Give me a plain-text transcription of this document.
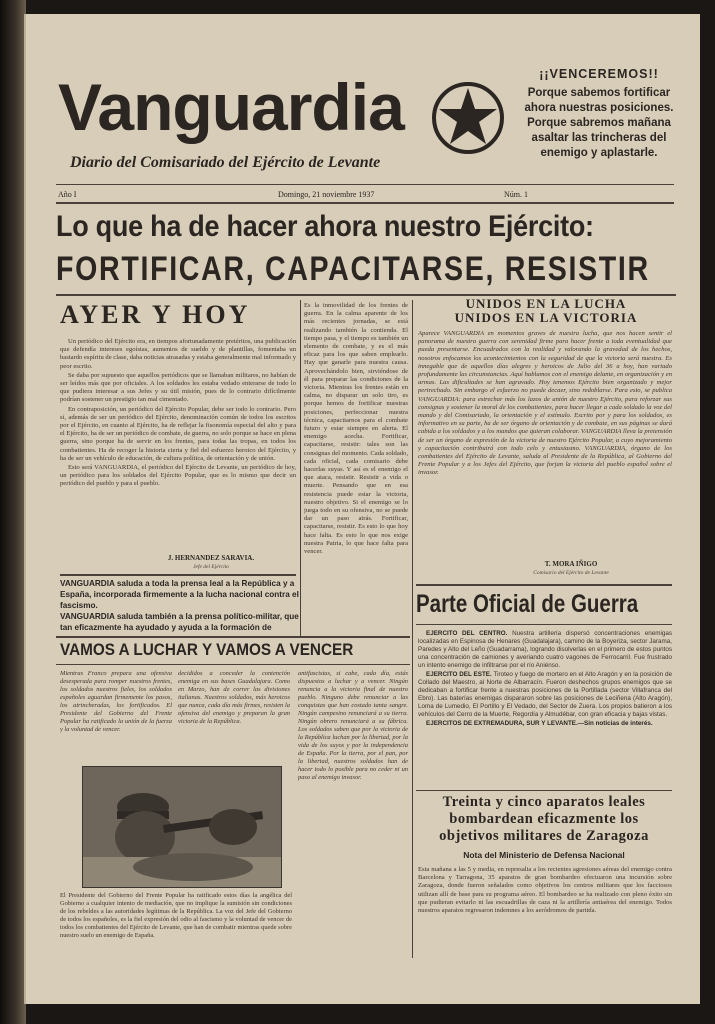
Vanguardia
Diario del Comisariado del Ejército de Levante
¡¡VENCEREMOS!!
Porque sabemos fortificar ahora nuestras posiciones.
Porque sabremos mañana asaltar las trincheras del enemigo y aplastarle.
Año I	Domingo, 21 noviembre 1937	Núm. 1
Lo que ha de hacer ahora nuestro Ejército:
FORTIFICAR, CAPACITARSE, RESISTIR
AYER Y HOY

Un periódico del Ejército era, en tiempos afortunadamente pretéritos, una publicación que defendía intereses egoístas, aumentos de sueldo y de plantillas, fomentaba un bastardo espíritu de clase, daba noticias atrasadas y estaba generalmente mal informado y peor escrito.

Se daba por supuesto que aquellos periódicos que se llamaban militares, no habían de ser leídos más que por oficiales. A los soldados les estaba vedado enterarse de todo lo que pudiera interesar a sus Jefes y su útil misión, pues de lo contrario difícilmente podrían sostener un prestigio tan mal cimentado.

En contraposición, un periódico del Ejército Popular, debe ser todo lo contrario. Pero sí, además de ser un periódico del Ejército, denominación común de todos los escritos por el Ejército, en cuanto al Ejército, ha de reflejar la fisonomía especial del alto y para el Ejército, ha de ser un periódico de combate, de guerra, no solo porque se hace en plena guerra, sino porque ha de servir en los frentes, para todas las tropas, en todos los combatientes. Ha de recoger la historia cierta y fiel del esfuerzo heroico del Ejército, y ha de ser un vehículo de educación, de cultura política, de orientación y de unión.

Esto será VANGUARDIA, el periódico del Ejército de Levante, un periódico de hoy, un periódico para los soldados del Ejército Popular, que es lo mismo que decir un periódico del pueblo y para el pueblo.

J. HERNANDEZ SARAVIA.
Jefe del Ejército
VANGUARDIA saluda a toda la prensa leal a la República y a España, incorporada firmemente a la lucha nacional contra el fascismo.
VANGUARDIA saluda también a la prensa político-militar, que tan eficazmente ha ayudado y ayuda a la formación de
Es la inmovilidad de los frentes de guerra. En la calma aparente de los más recientes jornadas, se está realizando también la contienda. El tiempo pasa, y el tiempo es también un elemento de combate, y es el más eficaz para los que saben emplearlo. Hay que ganarle para nuestra causa. Aprovechándolo bien, sirviéndose de él para preparar las condiciones de la victoria. Mientras los frentes están en calma, no disparar un solo tiro, es porque hemos de fortificar nuestras posiciones, perfeccionar nuestra técnica, capacitarnos para el combate futuro y estar siempre en alerta. El enemigo acecha. Fortificar, capacitarse, resistir: tales son las consignas del momento. Cada soldado, cada oficial, cada comisario debe hacerlas suyas. Y así es el enemigo el que ataca, resistir. Resistir a vida o muerte. Pensando que en esa resistencia puede estar la victoria, nuestro objetivo. Si el enemigo se lo juega todo en su ofensiva, no se puede dar un paso atrás. Fortificar, capacitarse, resistir. Es esto lo que hoy hace falta. Es esto lo que nos exige nuestra Patria, lo que hace falta para vencer.
UNIDOS EN LA LUCHA
UNIDOS EN LA VICTORIA
Aparece VANGUARDIA en momentos graves de nuestra lucha, que nos hacen sentir el panorama de nuestra guerra con serenidad firme para hacer frente a toda eventualidad que pueda presentarse. Encuadrados con la realidad y valorando la gravedad de los hechos, nosotros enfocamos los acontecimientos con la seguridad de que la victoria será nuestra. Es innegable que de aquellos días alegres y heroicos de Julio del 36 a hoy, han variado profundamente las circunstancias. Aquí hablamos con el enemigo delante, en organización y en armas. Las dificultades se han agravado. Hoy tenemos Ejército bien organizado y mejor pertrechado. Sin embargo el esfuerzo no puede decaer, sino redoblarse. Para esto, se publica VANGUARDIA: para estrechar más los lazos de unión de nuestro Ejército, para reforzar sus consignas y sostener la moral de los combatientes, para hacer llegar a cada soldado la voz del mando y del Comisariado, la orientación y el estímulo. Escrito por y para los soldados, es informativo en su parte, ha de ser órgano de orientación y de combate, en sus páginas se dará cabida a los soldados y a los mandos que quieran colaborar. VANGUARDIA lleva la pretensión de ser un órgano de expresión de la victoria de nuestro Ejército Popular, a cuyo mejoramiento y capacitación contribuirá con todo celo y entusiasmo. VANGUARDIA, órgano de los combatientes del Ejército de Levante, saluda al Presidente de la República, al Gobierno del Frente Popular y a los Jefes del Ejército, que forjan la victoria del pueblo español sobre el invasor.
T. MORA IÑIGO
Comisario del Ejército de Levante
Parte Oficial de Guerra

EJERCITO DEL CENTRO. Nuestra artillería dispersó concentraciones enemigas localizadas en Espinosa de Henares (Guadalajara), camino de la Boyeriza, sector Jarama, Paredes y Alto del Leño (Guadarrama), logrando disolverlas en el primero de estos puntos una concentración de camiones y averiando cuatro vagones de Ferrocarril. Fue frustrado un intento enemigo de infiltrarse por el río Aniénso.

EJERCITO DEL ESTE. Tiroteo y fuego de mortero en el Alto Aragón y en la posición de Collado del Maestro, al Norte de Albarracín. Fueron deshechos grupos enemigos que se dedicaban a fortificar frente a nuestras posiciones de la Portillada (sector Villafranca del Ebro). Las baterías enemigas dispararon sobre las posiciones de Leciñena (Alto Aragón), Loma de Lumedio, El Portillo y El Vedado, del Sector de Zuera. Los propios batieron a los vehículos del Cerro de la Muerte, Regordía y Almudébar, con gran eficacia y bajas vistas.

EJERCITOS DE EXTREMADURA, SUR Y LEVANTE.—Sin noticias de interés.

Treinta y cinco aparatos leales
bombardean eficazmente los
objetivos militares de Zaragoza
Nota del Ministerio de Defensa Nacional
Esta mañana a las 5 y media, en represalia a los recientes agresiones aéreas del enemigo contra Barcelona y Tarragona, 35 aparatos de gran bombardeo efectuaron una incursión sobre Zaragoza, donde fueron señalados como objetivos los centros militares que los facciosos utilizan allí de base para su programa aéreo. El bombardeo se ha realizado con pleno éxito sin que pudieran evitarlo ni las escuadrillas de caza ni la artillería antiaérea del enemigo. Todos nuestros aparatos regresaron indemnes a los aeródromos de partida.
VAMOS A LUCHAR Y VAMOS A VENCER
Mientras Franco prepara una ofensiva desesperada para romper nuestros frentes, los soldados nuestros fieles, los soldados españoles aguardan firmemente los pasos, los atrincheradas, los fortificados. El Presidente del Gobierno del Frente Popular ha ratificado la unión de la fuerza y la voluntad de vencer.
decididos a conceder la contención enemiga en sus bases Guadalajara. Como en Marzo, han de correr las divisiones italianas. Nuestros soldados, más heroicos que nunca, cada día más firmes, resisten la ofensiva del enemigo y preparan la gran victoria de la República.
antifascistas, si cabe, cada día, estás dispuestos a luchar y a vencer. Ningún renuncia a la victoria final de nuestro pueblo. Ninguno debe renunciar a las conquistas que han costado tanta sangre. Ningún campesino renunciará a su tierra. Ningún obrero renunciará a su fábrica. Los soldados saben que por la victoria de la República luchan por la libertad, por la vida de los suyos y por la independencia de España. Por la tierra, por el pan, por la libertad, nuestros soldados han de hacer todo lo posible para no ceder ni un paso al enemigo invasor.
El Presidente del Gobierno del Frente Popular ha ratificado estos días la angélica del Gobierno a cualquier intento de mediación, que no implique la sumisión sin condiciones de los rebeldes a las autoridades legítimas de la República. La voz del Jefe del Gobierno de todos los españoles, es la fiel expresión del odio al fascismo y la voluntad de vencer de todos los combatientes del Ejército de Levante, que han de combatir mientras quede sobre nuestro suelo un enemigo de España.
